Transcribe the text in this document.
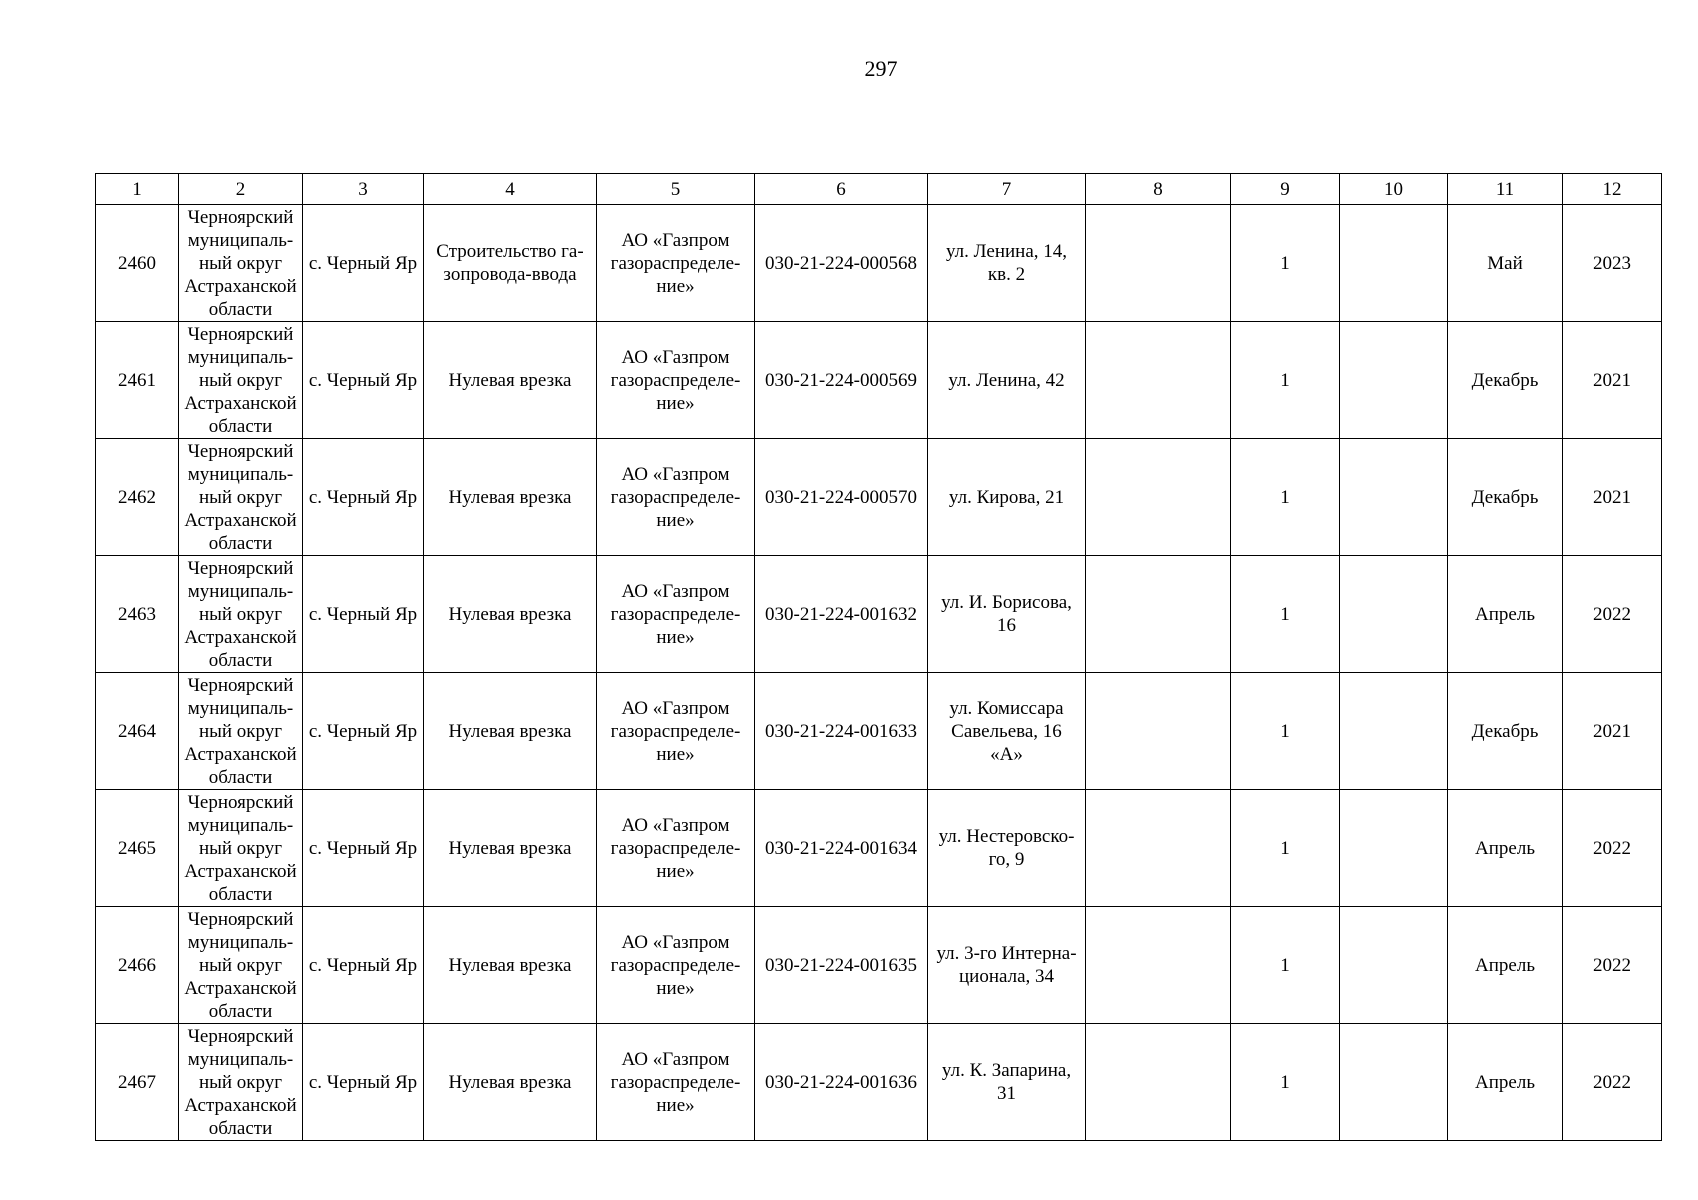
297
1	2	3	4	5	6	7	8	9	10	11	12
2460	Черноярский
муниципаль-
ный округ
Астраханской
области	с. Черный Яр	Строительство га-
зопровода-ввода	АО «Газпром
газораспределе-
ние»	030-21-224-000568	ул. Ленина, 14,
кв. 2		1		Май	2023
2461	Черноярский
муниципаль-
ный округ
Астраханской
области	с. Черный Яр	Нулевая врезка	АО «Газпром
газораспределе-
ние»	030-21-224-000569	ул. Ленина, 42		1		Декабрь	2021
2462	Черноярский
муниципаль-
ный округ
Астраханской
области	с. Черный Яр	Нулевая врезка	АО «Газпром
газораспределе-
ние»	030-21-224-000570	ул. Кирова, 21		1		Декабрь	2021
2463	Черноярский
муниципаль-
ный округ
Астраханской
области	с. Черный Яр	Нулевая врезка	АО «Газпром
газораспределе-
ние»	030-21-224-001632	ул. И. Борисова,
16		1		Апрель	2022
2464	Черноярский
муниципаль-
ный округ
Астраханской
области	с. Черный Яр	Нулевая врезка	АО «Газпром
газораспределе-
ние»	030-21-224-001633	ул. Комиссара
Савельева, 16
«А»		1		Декабрь	2021
2465	Черноярский
муниципаль-
ный округ
Астраханской
области	с. Черный Яр	Нулевая врезка	АО «Газпром
газораспределе-
ние»	030-21-224-001634	ул. Нестеровско-
го, 9		1		Апрель	2022
2466	Черноярский
муниципаль-
ный округ
Астраханской
области	с. Черный Яр	Нулевая врезка	АО «Газпром
газораспределе-
ние»	030-21-224-001635	ул. 3-го Интерна-
ционала, 34		1		Апрель	2022
2467	Черноярский
муниципаль-
ный округ
Астраханской
области	с. Черный Яр	Нулевая врезка	АО «Газпром
газораспределе-
ние»	030-21-224-001636	ул. К. Запарина,
31		1		Апрель	2022
